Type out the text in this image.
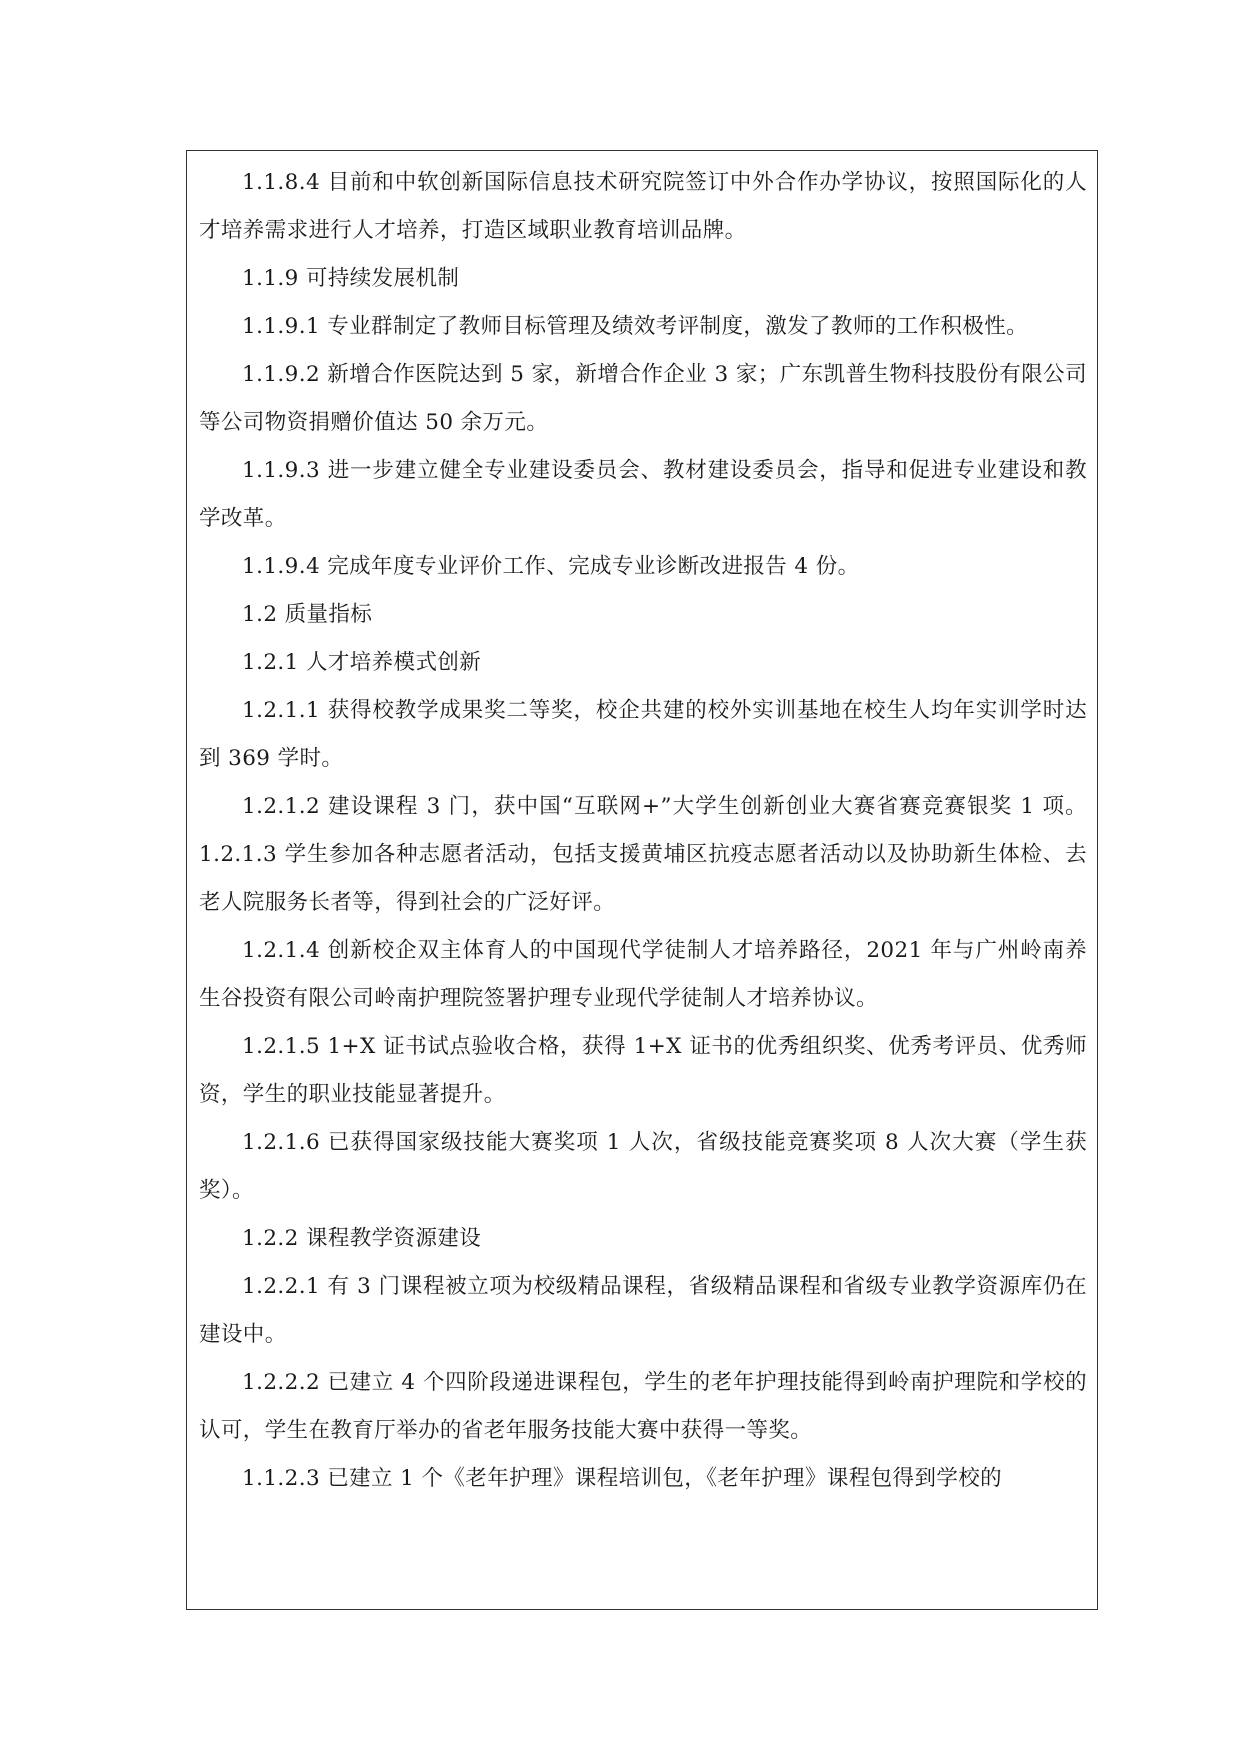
1.1.8.4 目前和中软创新国际信息技术研究院签订中外合作办学协议，按照国际化的人才培养需求进行人才培养，打造区域职业教育培训品牌。

1.1.9 可持续发展机制

1.1.9.1 专业群制定了教师目标管理及绩效考评制度，激发了教师的工作积极性。

1.1.9.2 新增合作医院达到 5 家，新增合作企业 3 家；广东凯普生物科技股份有限公司等公司物资捐赠价值达 50 余万元。

1.1.9.3 进一步建立健全专业建设委员会、教材建设委员会，指导和促进专业建设和教学改革。

1.1.9.4 完成年度专业评价工作、完成专业诊断改进报告 4 份。

1.2 质量指标

1.2.1 人才培养模式创新

1.2.1.1 获得校教学成果奖二等奖，校企共建的校外实训基地在校生人均年实训学时达到 369 学时。

1.2.1.2 建设课程 3 门，获中国“互联网+”大学生创新创业大赛省赛竞赛银奖 1 项。1.2.1.3 学生参加各种志愿者活动，包括支援黄埔区抗疫志愿者活动以及协助新生体检、去老人院服务长者等，得到社会的广泛好评。

1.2.1.4 创新校企双主体育人的中国现代学徒制人才培养路径，2021 年与广州岭南养生谷投资有限公司岭南护理院签署护理专业现代学徒制人才培养协议。

1.2.1.5 1+X 证书试点验收合格，获得 1+X 证书的优秀组织奖、优秀考评员、优秀师资，学生的职业技能显著提升。

1.2.1.6 已获得国家级技能大赛奖项 1 人次，省级技能竞赛奖项 8 人次大赛（学生获奖）。

1.2.2 课程教学资源建设

1.2.2.1 有 3 门课程被立项为校级精品课程，省级精品课程和省级专业教学资源库仍在建设中。

1.2.2.2 已建立 4 个四阶段递进课程包，学生的老年护理技能得到岭南护理院和学校的认可，学生在教育厅举办的省老年服务技能大赛中获得一等奖。

1.1.2.3 已建立 1 个《老年护理》课程培训包，《老年护理》课程包得到学校的
